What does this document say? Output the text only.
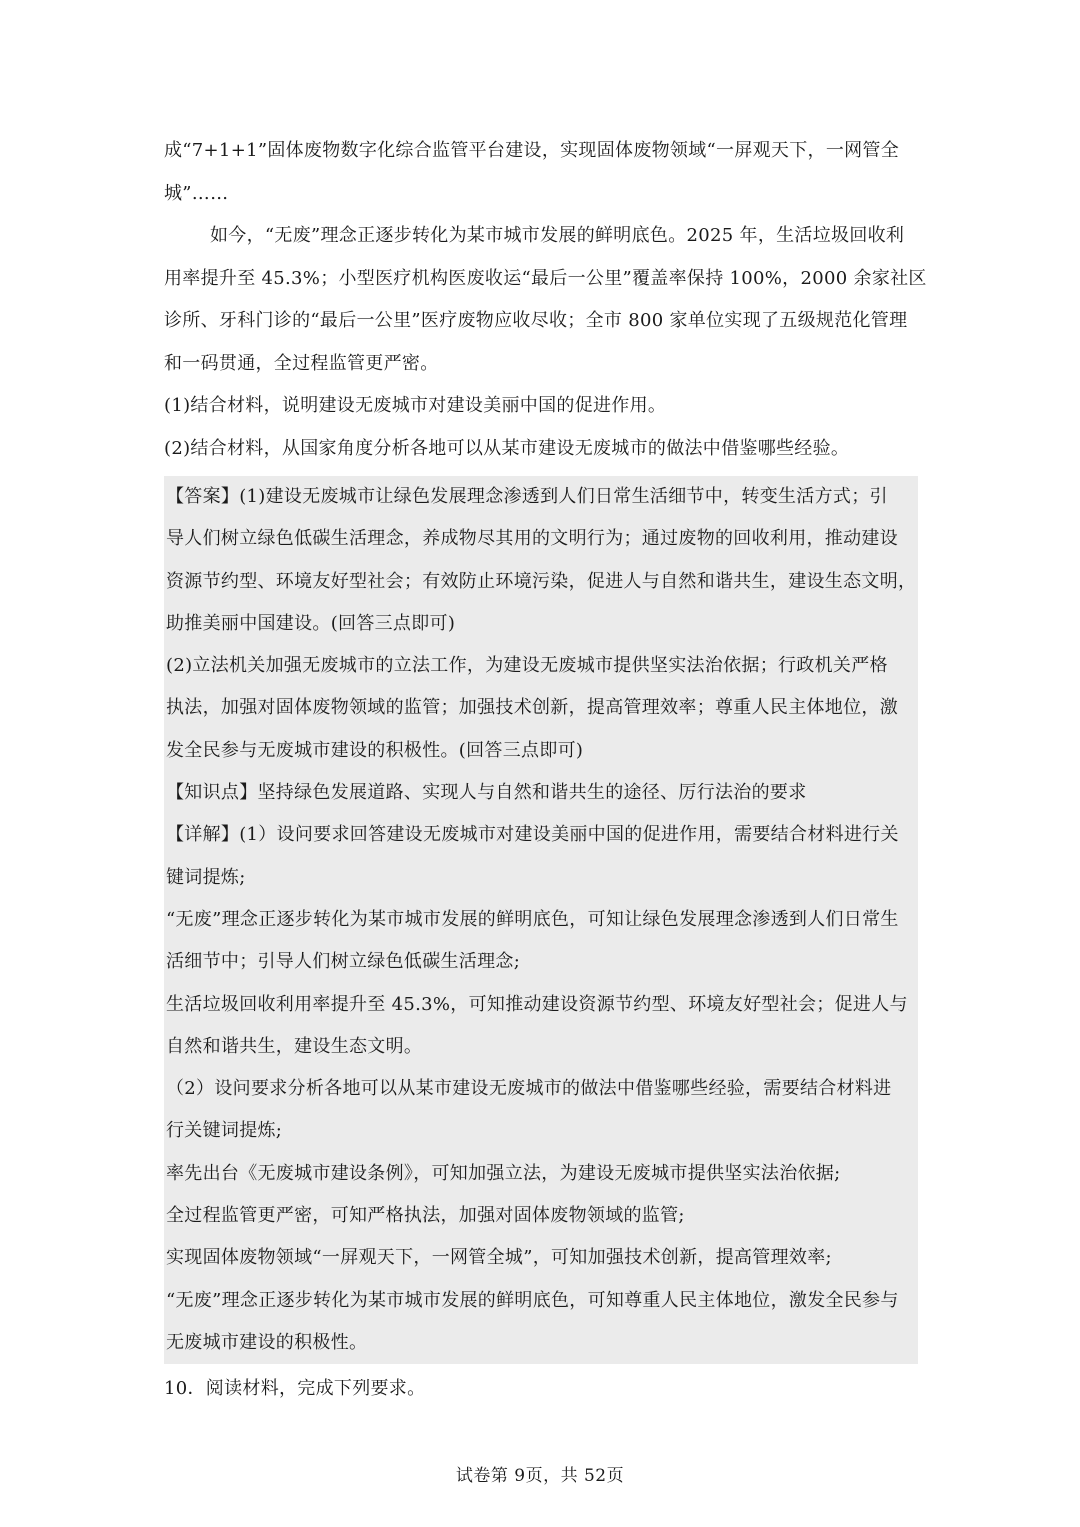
成“7+1+1”固体废物数字化综合监管平台建设，实现固体废物领域“一屏观天下，一网管全
城”……
如今，“无废”理念正逐步转化为某市城市发展的鲜明底色。2025 年，生活垃圾回收利
用率提升至 45.3%；小型医疗机构医废收运“最后一公里”覆盖率保持 100%，2000 余家社区
诊所、牙科门诊的“最后一公里”医疗废物应收尽收；全市 800 家单位实现了五级规范化管理
和一码贯通，全过程监管更严密。
(1)结合材料，说明建设无废城市对建设美丽中国的促进作用。
(2)结合材料，从国家角度分析各地可以从某市建设无废城市的做法中借鉴哪些经验。
【答案】(1)建设无废城市让绿色发展理念渗透到人们日常生活细节中，转变生活方式；引
导人们树立绿色低碳生活理念，养成物尽其用的文明行为；通过废物的回收利用，推动建设
资源节约型、环境友好型社会；有效防止环境污染，促进人与自然和谐共生，建设生态文明，
助推美丽中国建设。(回答三点即可)
(2)立法机关加强无废城市的立法工作，为建设无废城市提供坚实法治依据；行政机关严格
执法，加强对固体废物领域的监管；加强技术创新，提高管理效率；尊重人民主体地位，激
发全民参与无废城市建设的积极性。(回答三点即可)
【知识点】坚持绿色发展道路、实现人与自然和谐共生的途径、厉行法治的要求
【详解】(1）设问要求回答建设无废城市对建设美丽中国的促进作用，需要结合材料进行关
键词提炼;
“无废”理念正逐步转化为某市城市发展的鲜明底色，可知让绿色发展理念渗透到人们日常生
活细节中；引导人们树立绿色低碳生活理念;
生活垃圾回收利用率提升至 45.3%，可知推动建设资源节约型、环境友好型社会；促进人与
自然和谐共生，建设生态文明。
（2）设问要求分析各地可以从某市建设无废城市的做法中借鉴哪些经验，需要结合材料进
行关键词提炼;
率先出台《无废城市建设条例》，可知加强立法，为建设无废城市提供坚实法治依据;
全过程监管更严密，可知严格执法，加强对固体废物领域的监管;
实现固体废物领域“一屏观天下，一网管全城”，可知加强技术创新，提高管理效率;
“无废”理念正逐步转化为某市城市发展的鲜明底色，可知尊重人民主体地位，激发全民参与
无废城市建设的积极性。
10．阅读材料，完成下列要求。
试卷第 9页，共 52页
